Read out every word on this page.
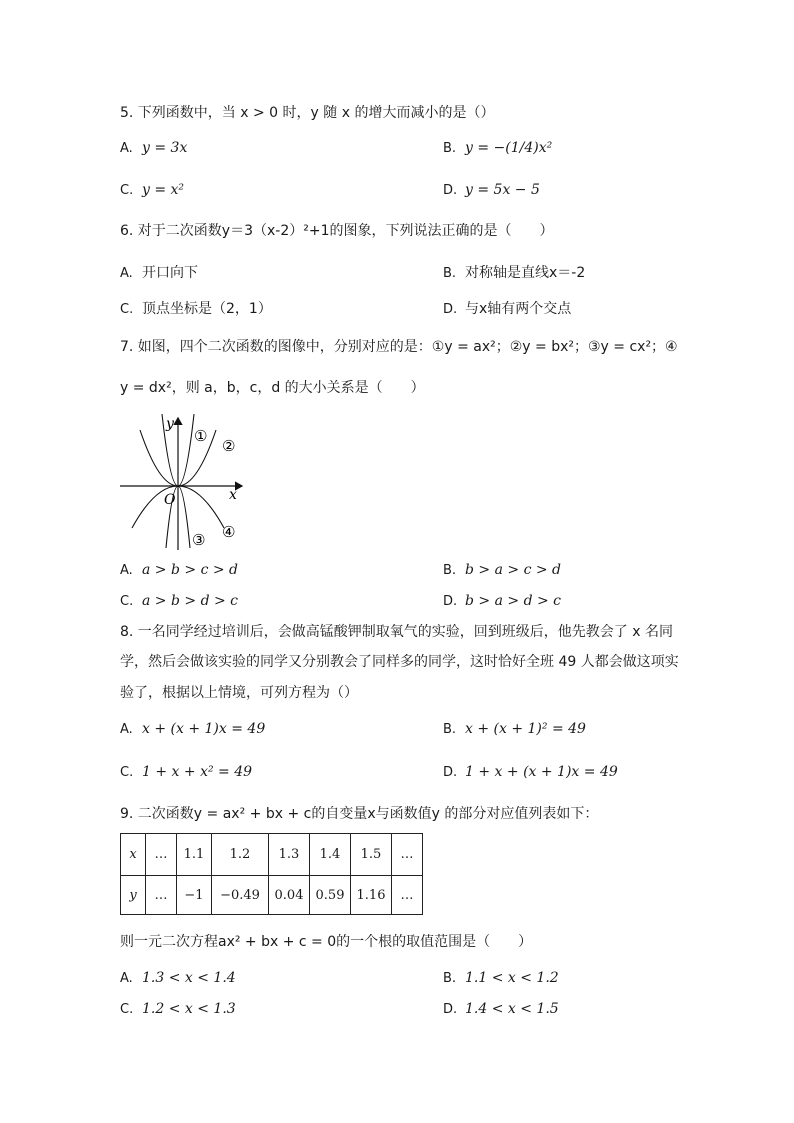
5. 下列函数中，当 x > 0 时，y 随 x 的增大而减小的是（）
A. y = 3x	B. y = −(1/4)x²
C. y = x²	D. y = 5x − 5
6. 对于二次函数y＝3（x-2）²+1的图象，下列说法正确的是（　　）
A. 开口向下	B. 对称轴是直线x＝-2
C. 顶点坐标是（2，1）	D. 与x轴有两个交点
7. 如图，四个二次函数的图像中，分别对应的是：①y = ax²；②y = bx²；③y = cx²；④
y = dx²，则 a，b，c，d 的大小关系是（　　）
y
x
O
①
②
③ ④
A. a > b > c > d	B. b > a > c > d
C. a > b > d > c	D. b > a > d > c
8. 一名同学经过培训后，会做高锰酸钾制取氧气的实验，回到班级后，他先教会了 x 名同
学，然后会做该实验的同学又分别教会了同样多的同学，这时恰好全班 49 人都会做这项实
验了，根据以上情境，可列方程为（）
A. x + (x + 1)x = 49	B. x + (x + 1)² = 49
C. 1 + x + x² = 49	D. 1 + x + (x + 1)x = 49
9. 二次函数y = ax² + bx + c的自变量x与函数值y 的部分对应值列表如下：
x	…	1.1	1.2	1.3	1.4	1.5	…
y	…	−1	−0.49	0.04	0.59	1.16	…
则一元二次方程ax² + bx + c = 0的一个根的取值范围是（　　）
A. 1.3 < x < 1.4	B. 1.1 < x < 1.2
C. 1.2 < x < 1.3	D. 1.4 < x < 1.5
